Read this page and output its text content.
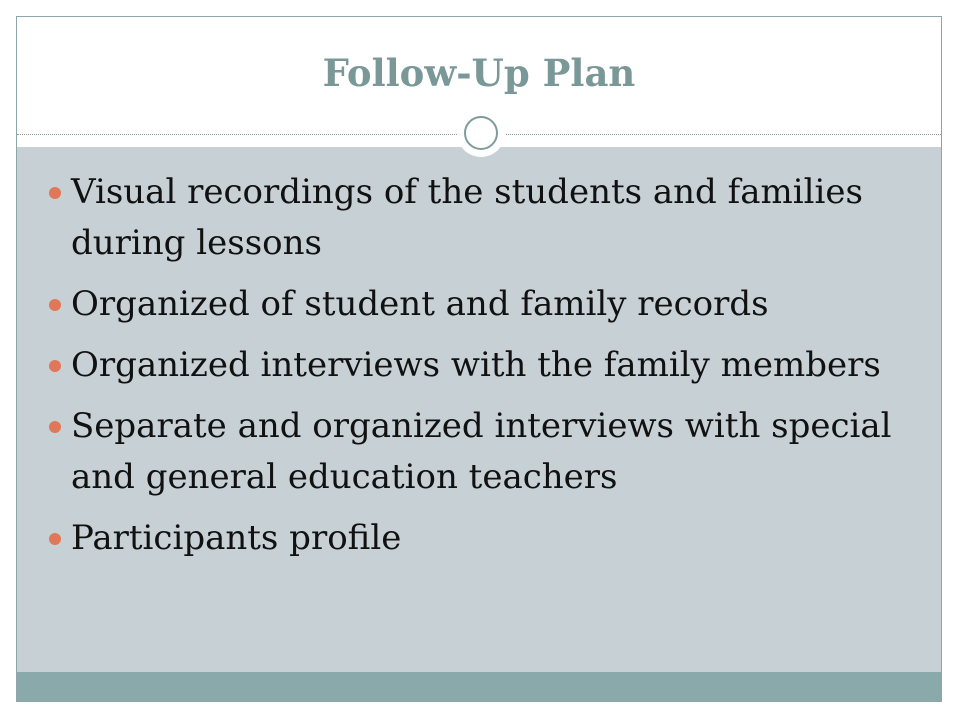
Follow-Up Plan
Visual recordings of the students and families during lessons
Organized of student and family records
Organized interviews with the family members
Separate and organized interviews with special and general education teachers
Participants profile
